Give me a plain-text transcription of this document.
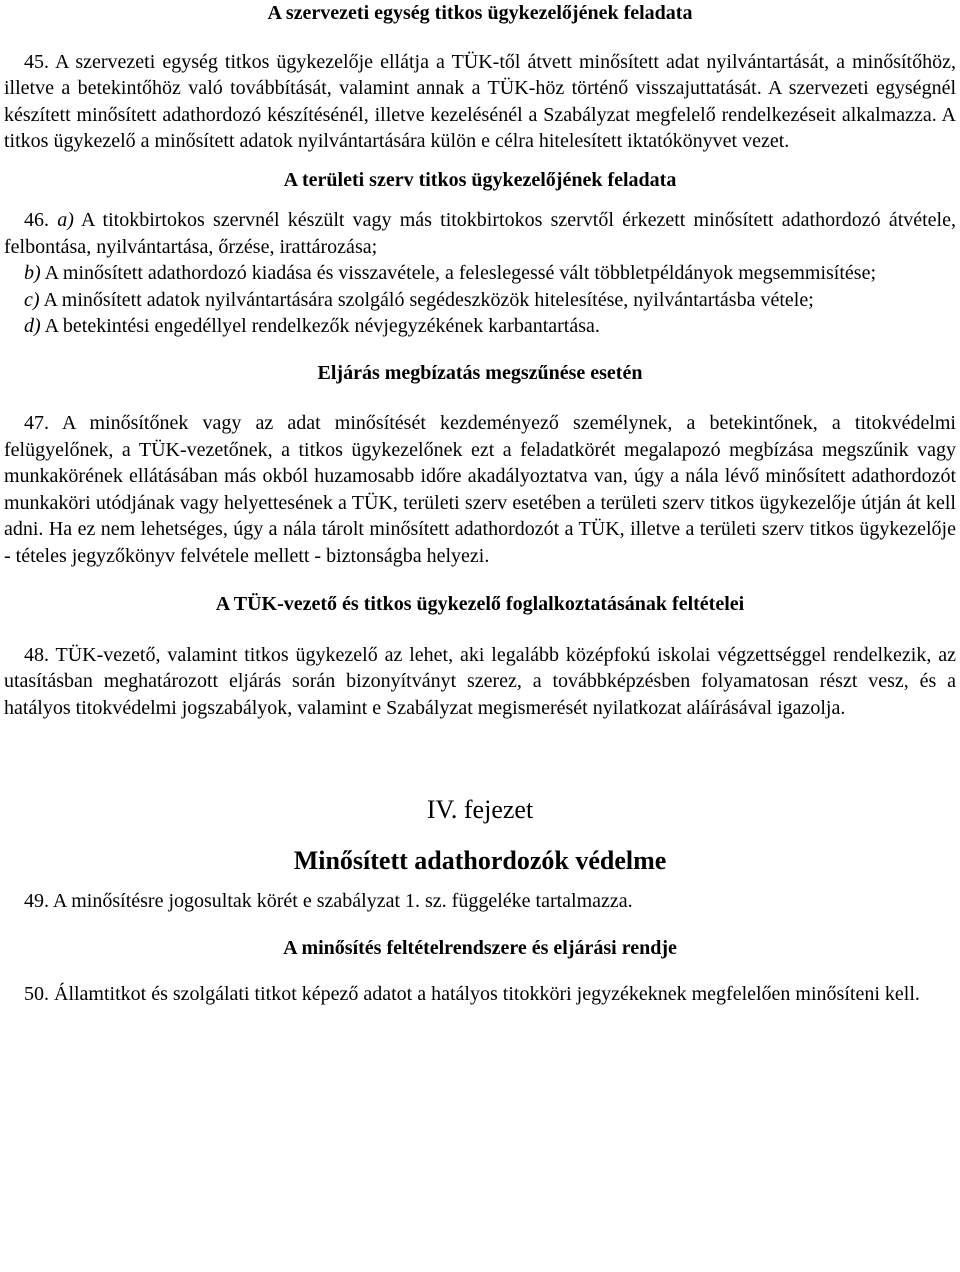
A szervezeti egység titkos ügykezelőjének feladata

45. A szervezeti egység titkos ügykezelője ellátja a TÜK-től átvett minősített adat nyilvántartását, a minősítőhöz, illetve a betekintőhöz való továbbítását, valamint annak a TÜK-höz történő visszajuttatását. A szervezeti egységnél készített minősített adathordozó készítésénél, illetve kezelésénél a Szabályzat megfelelő rendelkezéseit alkalmazza. A titkos ügykezelő a minősített adatok nyilvántartására külön e célra hitelesített iktatókönyvet vezet.

A területi szerv titkos ügykezelőjének feladata

46. a) A titokbirtokos szervnél készült vagy más titokbirtokos szervtől érkezett minősített adathordozó átvétele, felbontása, nyilvántartása, őrzése, irattározása;

b) A minősített adathordozó kiadása és visszavétele, a feleslegessé vált többletpéldányok megsemmisítése;

c) A minősített adatok nyilvántartására szolgáló segédeszközök hitelesítése, nyilvántartásba vétele;

d) A betekintési engedéllyel rendelkezők névjegyzékének karbantartása.

Eljárás megbízatás megszűnése esetén

47. A minősítőnek vagy az adat minősítését kezdeményező személynek, a betekintőnek, a titokvédelmi felügyelőnek, a TÜK-vezetőnek, a titkos ügykezelőnek ezt a feladatkörét megalapozó megbízása megszűnik vagy munkakörének ellátásában más okból huzamosabb időre akadályoztatva van, úgy a nála lévő minősített adathordozót munkaköri utódjának vagy helyettesének a TÜK, területi szerv esetében a területi szerv titkos ügykezelője útján át kell adni. Ha ez nem lehetséges, úgy a nála tárolt minősített adathordozót a TÜK, illetve a területi szerv titkos ügykezelője - tételes jegyzőkönyv felvétele mellett - biztonságba helyezi.

A TÜK-vezető és titkos ügykezelő foglalkoztatásának feltételei

48. TÜK-vezető, valamint titkos ügykezelő az lehet, aki legalább középfokú iskolai végzettséggel rendelkezik, az utasításban meghatározott eljárás során bizonyítványt szerez, a továbbképzésben folyamatosan részt vesz, és a hatályos titokvédelmi jogszabályok, valamint e Szabályzat megismerését nyilatkozat aláírásával igazolja.

IV. fejezet

Minősített adathordozók védelme

49. A minősítésre jogosultak körét e szabályzat 1. sz. függeléke tartalmazza.

A minősítés feltételrendszere és eljárási rendje

50. Államtitkot és szolgálati titkot képező adatot a hatályos titokköri jegyzékeknek megfelelően minősíteni kell.
